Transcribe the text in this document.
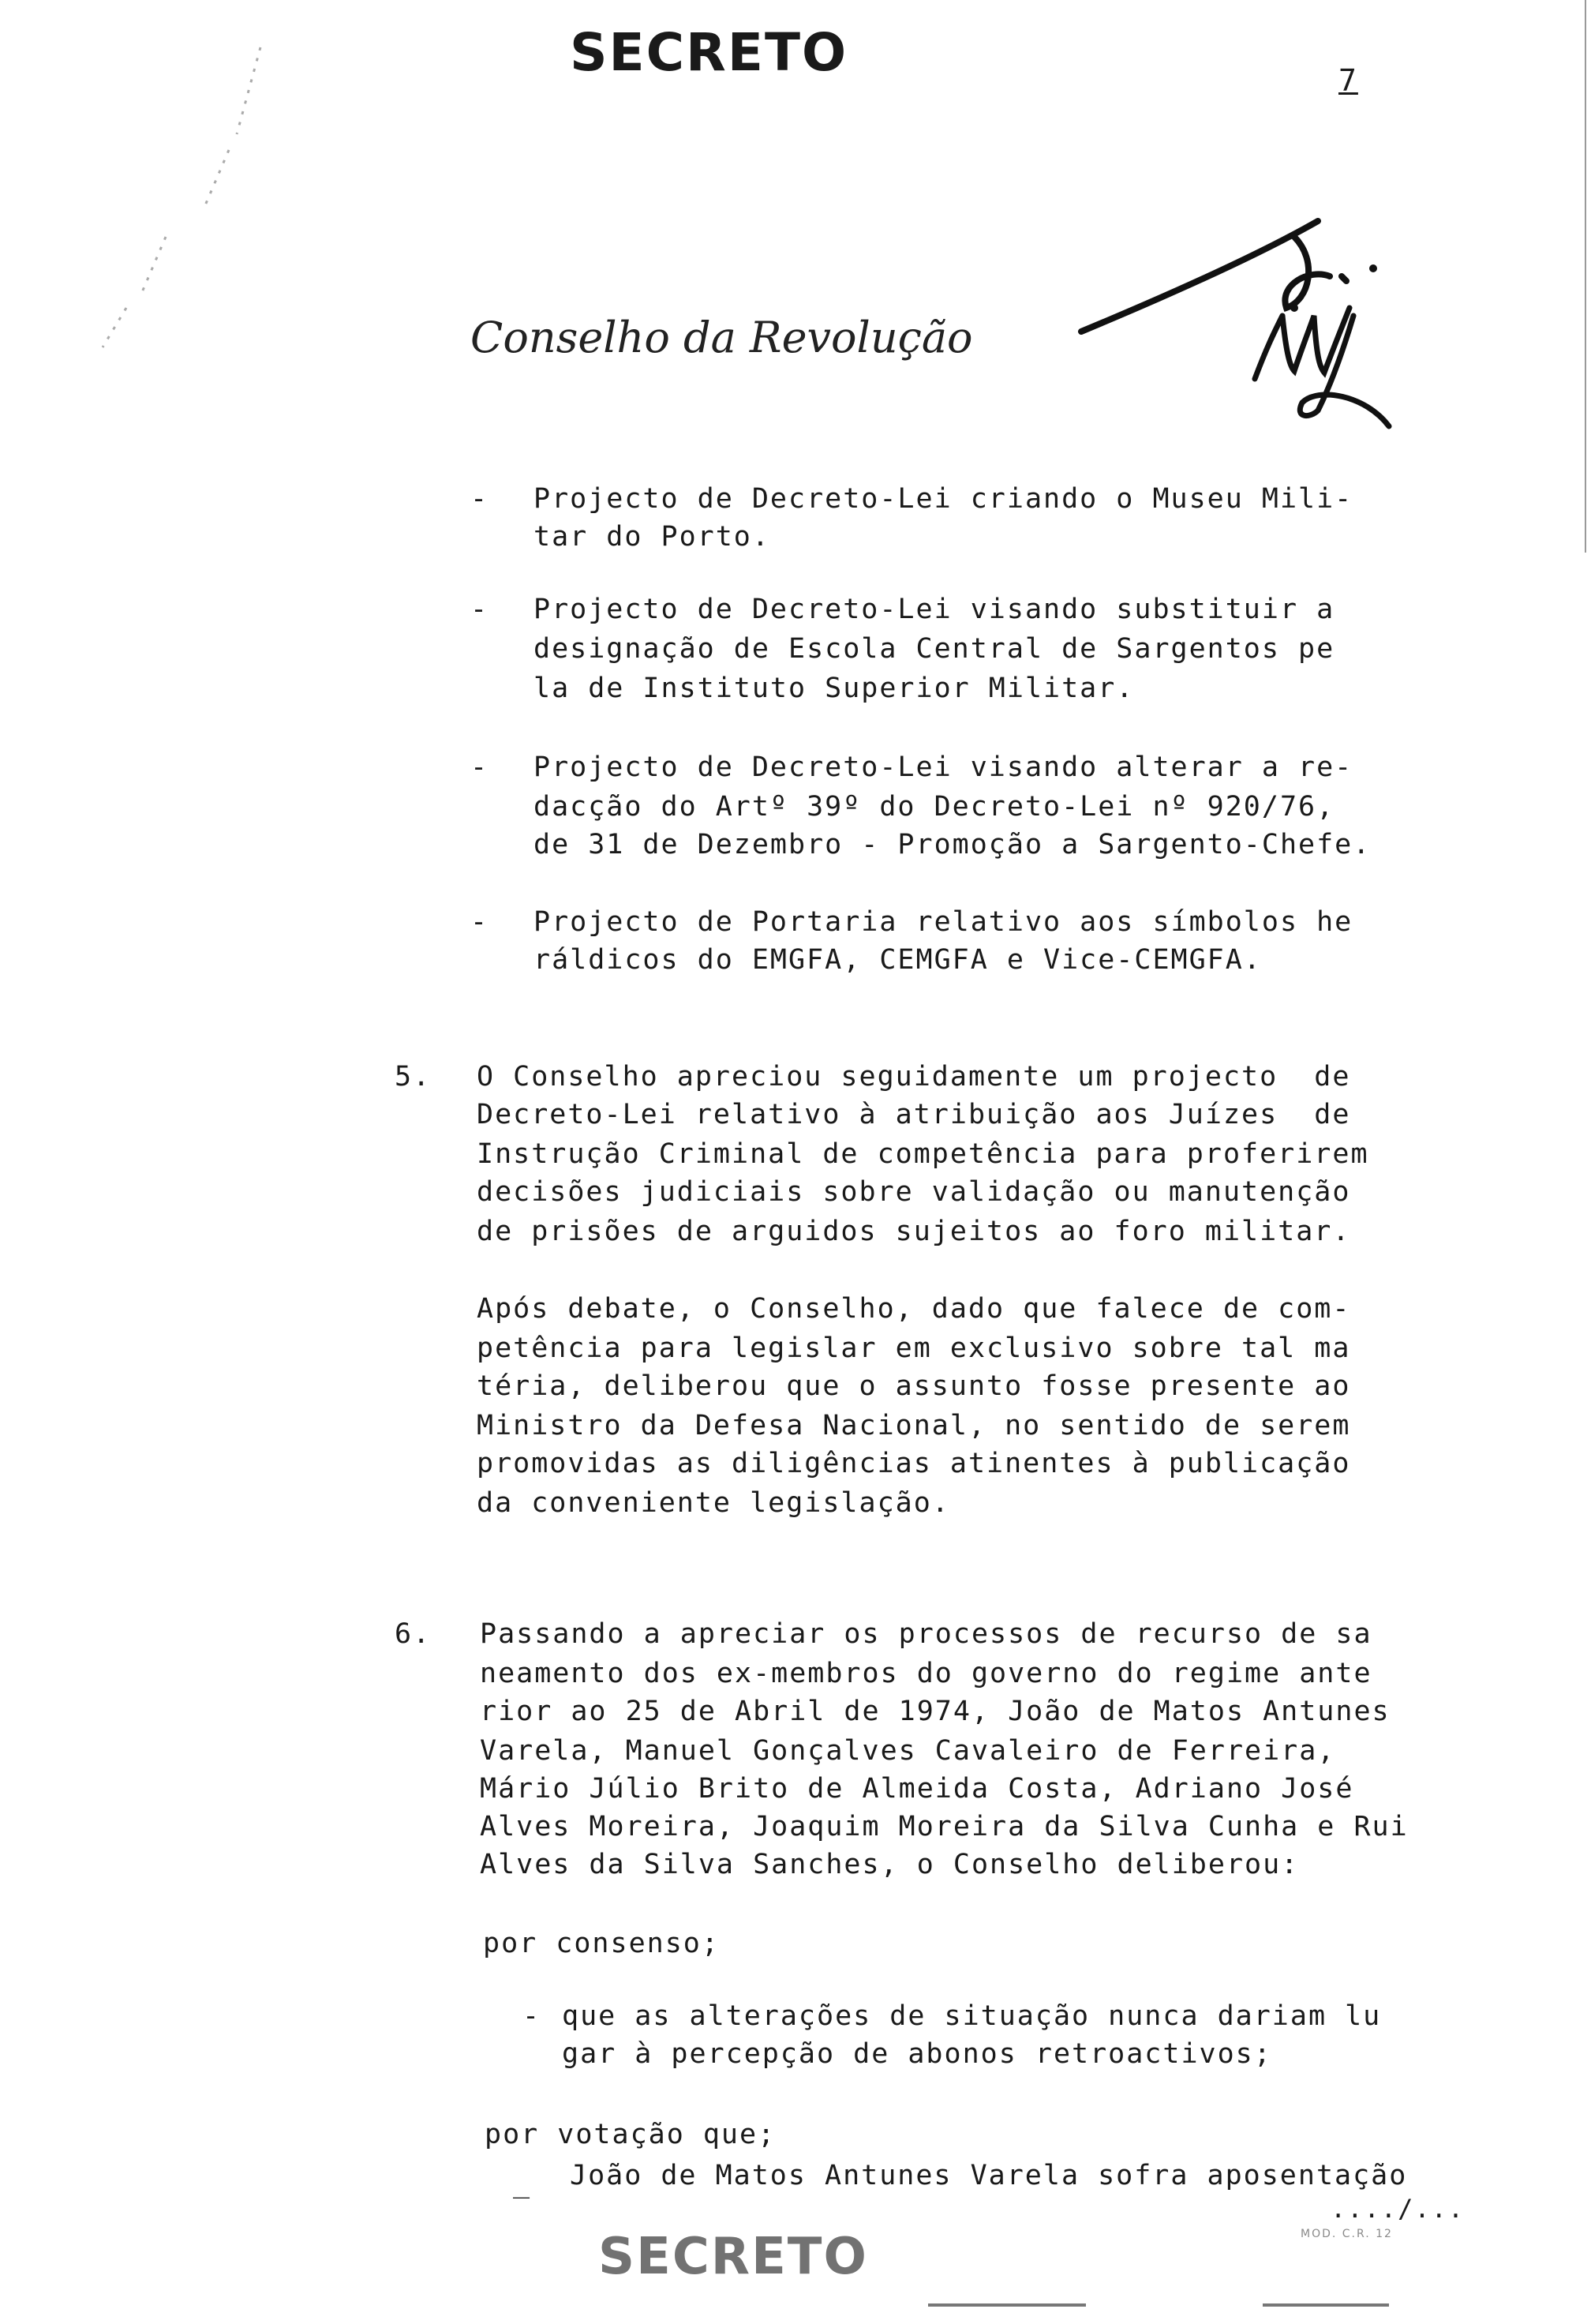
SECRETO	7
Conselho da Revolução
- Projecto de Decreto-Lei criando o Museu Mili-
tar do Porto.
- Projecto de Decreto-Lei visando substituir a
designação de Escola Central de Sargentos pe
la de Instituto Superior Militar.
- Projecto de Decreto-Lei visando alterar a re-
dacção do Artº 39º do Decreto-Lei nº 920/76,
de 31 de Dezembro - Promoção a Sargento-Chefe.
- Projecto de Portaria relativo aos símbolos he
ráldicos do EMGFA, CEMGFA e Vice-CEMGFA.
5. O Conselho apreciou seguidamente um projecto  de
Decreto-Lei relativo à atribuição aos Juízes  de
Instrução Criminal de competência para proferirem
decisões judiciais sobre validação ou manutenção
de prisões de arguidos sujeitos ao foro militar.
Após debate, o Conselho, dado que falece de com-
petência para legislar em exclusivo sobre tal ma
téria, deliberou que o assunto fosse presente ao
Ministro da Defesa Nacional, no sentido de serem
promovidas as diligências atinentes à publicação
da conveniente legislação.
6. Passando a apreciar os processos de recurso de sa
neamento dos ex-membros do governo do regime ante
rior ao 25 de Abril de 1974, João de Matos Antunes
Varela, Manuel Gonçalves Cavaleiro de Ferreira,
Mário Júlio Brito de Almeida Costa, Adriano José
Alves Moreira, Joaquim Moreira da Silva Cunha e Rui
Alves da Silva Sanches, o Conselho deliberou:
por consenso;
- que as alterações de situação nunca dariam lu
gar à percepção de abonos retroactivos;
por votação que;
_ João de Matos Antunes Varela sofra aposentação
..../...
MOD. C.R. 12
SECRETO
